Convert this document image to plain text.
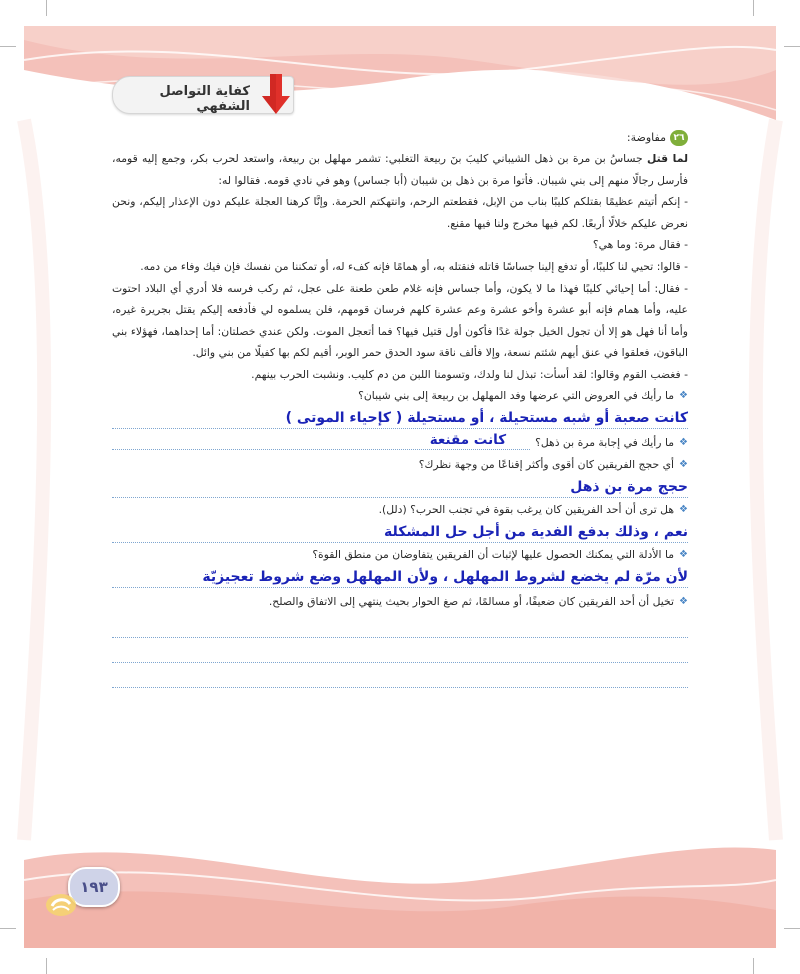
كفاية التواصل الشفهي
٢٦
مفاوضة:

لما قتل جساسُ بن مرة بن ذهل الشيباني كليبَ بنَ ربيعة التغلبي: تشمر مهلهل بن ربيعة، واستعد لحرب بكر، وجمع إليه قومه، فأرسل رجالًا منهم إلى بني شيبان. فأتوا مرة بن ذهل بن شيبان (أبا جساس) وهو في نادي قومه. فقالوا له:

- إنكم أتيتم عظيمًا بقتلكم كليبًا بناب من الإبل، فقطعتم الرحم، وانتهكتم الحرمة. وإنَّا كرهنا العجلة عليكم دون الإعذار إليكم، ونحن نعرض عليكم خلالًا أربعًا. لكم فيها مخرج ولنا فيها مقنع.

- فقال مرة: وما هي؟

- قالوا: تحيي لنا كليبًا، أو تدفع إلينا جساسًا قاتله فنقتله به، أو همامًا فإنه كفء له، أو تمكننا من نفسك فإن فيك وفاء من دمه.

- فقال: أما إحيائي كليبًا فهذا ما لا يكون، وأما جساس فإنه غلام طعن طعنة على عجل، ثم ركب فرسه فلا أدري أي البلاد احتوت عليه، وأما همام فإنه أبو عشرة وأخو عشرة وعم عشرة كلهم فرسان قومهم، فلن يسلموه لي فأدفعه إليكم يقتل بجريرة غيره، وأما أنا فهل هو إلا أن تجول الخيل جولة غدًا فأكون أول قتيل فيها؟ فما أتعجل الموت. ولكن عندي خصلتان: أما إحداهما، فهؤلاء بني الباقون، فعلقوا في عنق أيهم شئتم نسعة، وإلا فألف ناقة سود الحدق حمر الوبر، أقيم لكم بها كفيلًا من بني وائل.

- فغضب القوم وقالوا: لقد أسأت: تبذل لنا ولدك، وتسومنا اللبن من دم كليب. ونشبت الحرب بينهم.

❖
ما رأيك في العروض التي عرضها وفد المهلهل بن ربيعة إلى بني شيبان؟
كانت صعبة أو شبه مستحيلة ، أو مستحيلة ( كإحياء الموتى )
❖
ما رأيك في إجابة مرة بن ذهل؟
كانت مقنعة
❖
أي حجج الفريقين كان أقوى وأكثر إقناعًا من وجهة نظرك؟
حجج مرة بن ذهل
❖
هل ترى أن أحد الفريقين كان يرغب بقوة في تجنب الحرب؟ (دلل).
نعم ، وذلك بدفع الفدية من أجل حل المشكلة
❖
ما الأدلة التي يمكنك الحصول عليها لإثبات أن الفريقين يتفاوضان من منطق القوة؟
لأن مرّة لم يخضع لشروط المهلهل ، ولأن المهلهل وضع شروط تعجيزيّة
❖
تخيل أن أحد الفريقين كان ضعيفًا، أو مسالمًا، ثم صغ الحوار بحيث ينتهي إلى الاتفاق والصلح.
١٩٣
